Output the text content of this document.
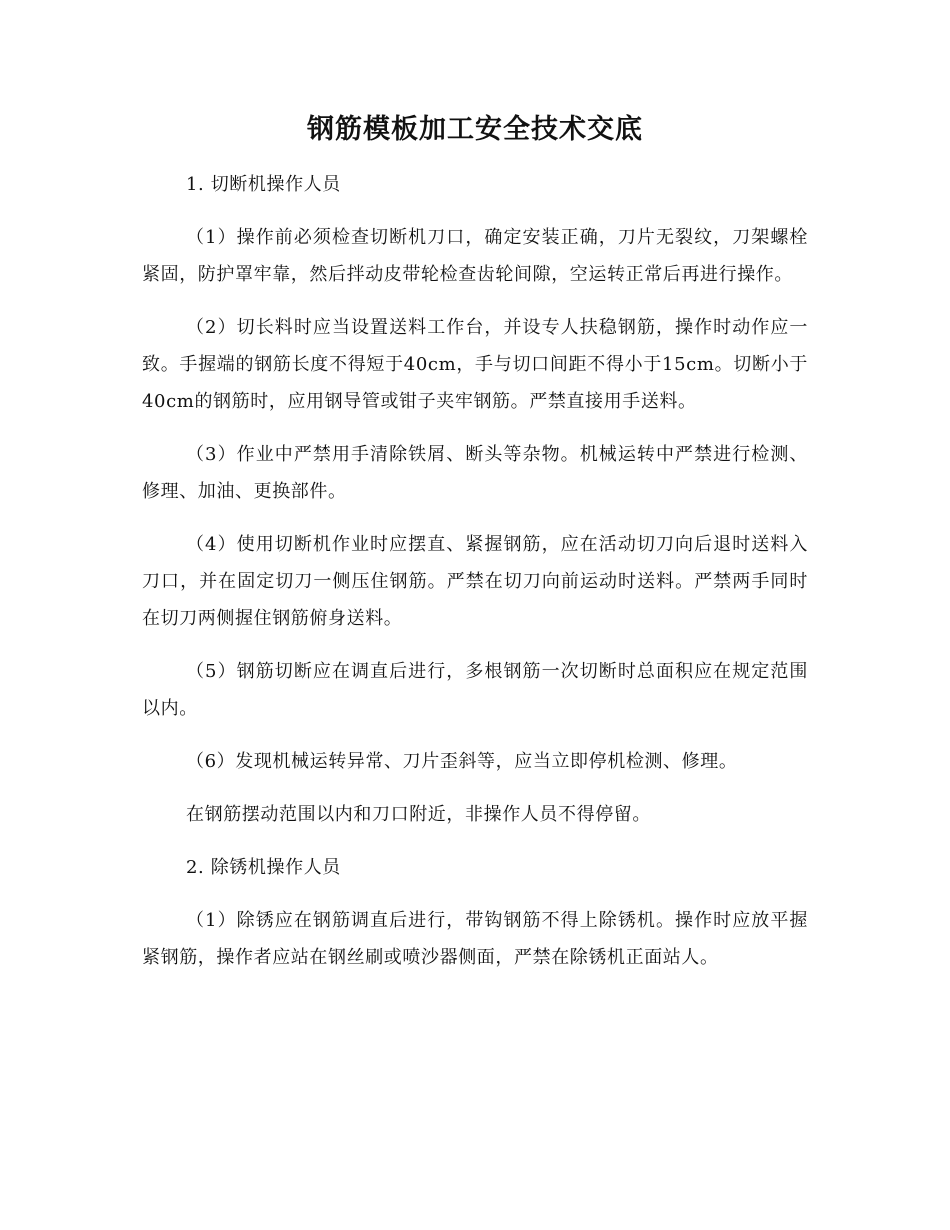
钢筋模板加工安全技术交底

1. 切断机操作人员

（1）操作前必须检查切断机刀口，确定安装正确，刀片无裂纹，刀架螺栓紧固，防护罩牢靠，然后拌动皮带轮检查齿轮间隙，空运转正常后再进行操作。

（2）切长料时应当设置送料工作台，并设专人扶稳钢筋，操作时动作应一致。手握端的钢筋长度不得短于40cm，手与切口间距不得小于15cm。切断小于40cm的钢筋时，应用钢导管或钳子夹牢钢筋。严禁直接用手送料。

（3）作业中严禁用手清除铁屑、断头等杂物。机械运转中严禁进行检测、修理、加油、更换部件。

（4）使用切断机作业时应摆直、紧握钢筋，应在活动切刀向后退时送料入刀口，并在固定切刀一侧压住钢筋。严禁在切刀向前运动时送料。严禁两手同时在切刀两侧握住钢筋俯身送料。

（5）钢筋切断应在调直后进行，多根钢筋一次切断时总面积应在规定范围以内。

（6）发现机械运转异常、刀片歪斜等，应当立即停机检测、修理。

在钢筋摆动范围以内和刀口附近，非操作人员不得停留。

2. 除锈机操作人员

（1）除锈应在钢筋调直后进行，带钩钢筋不得上除锈机。操作时应放平握紧钢筋，操作者应站在钢丝刷或喷沙器侧面，严禁在除锈机正面站人。
